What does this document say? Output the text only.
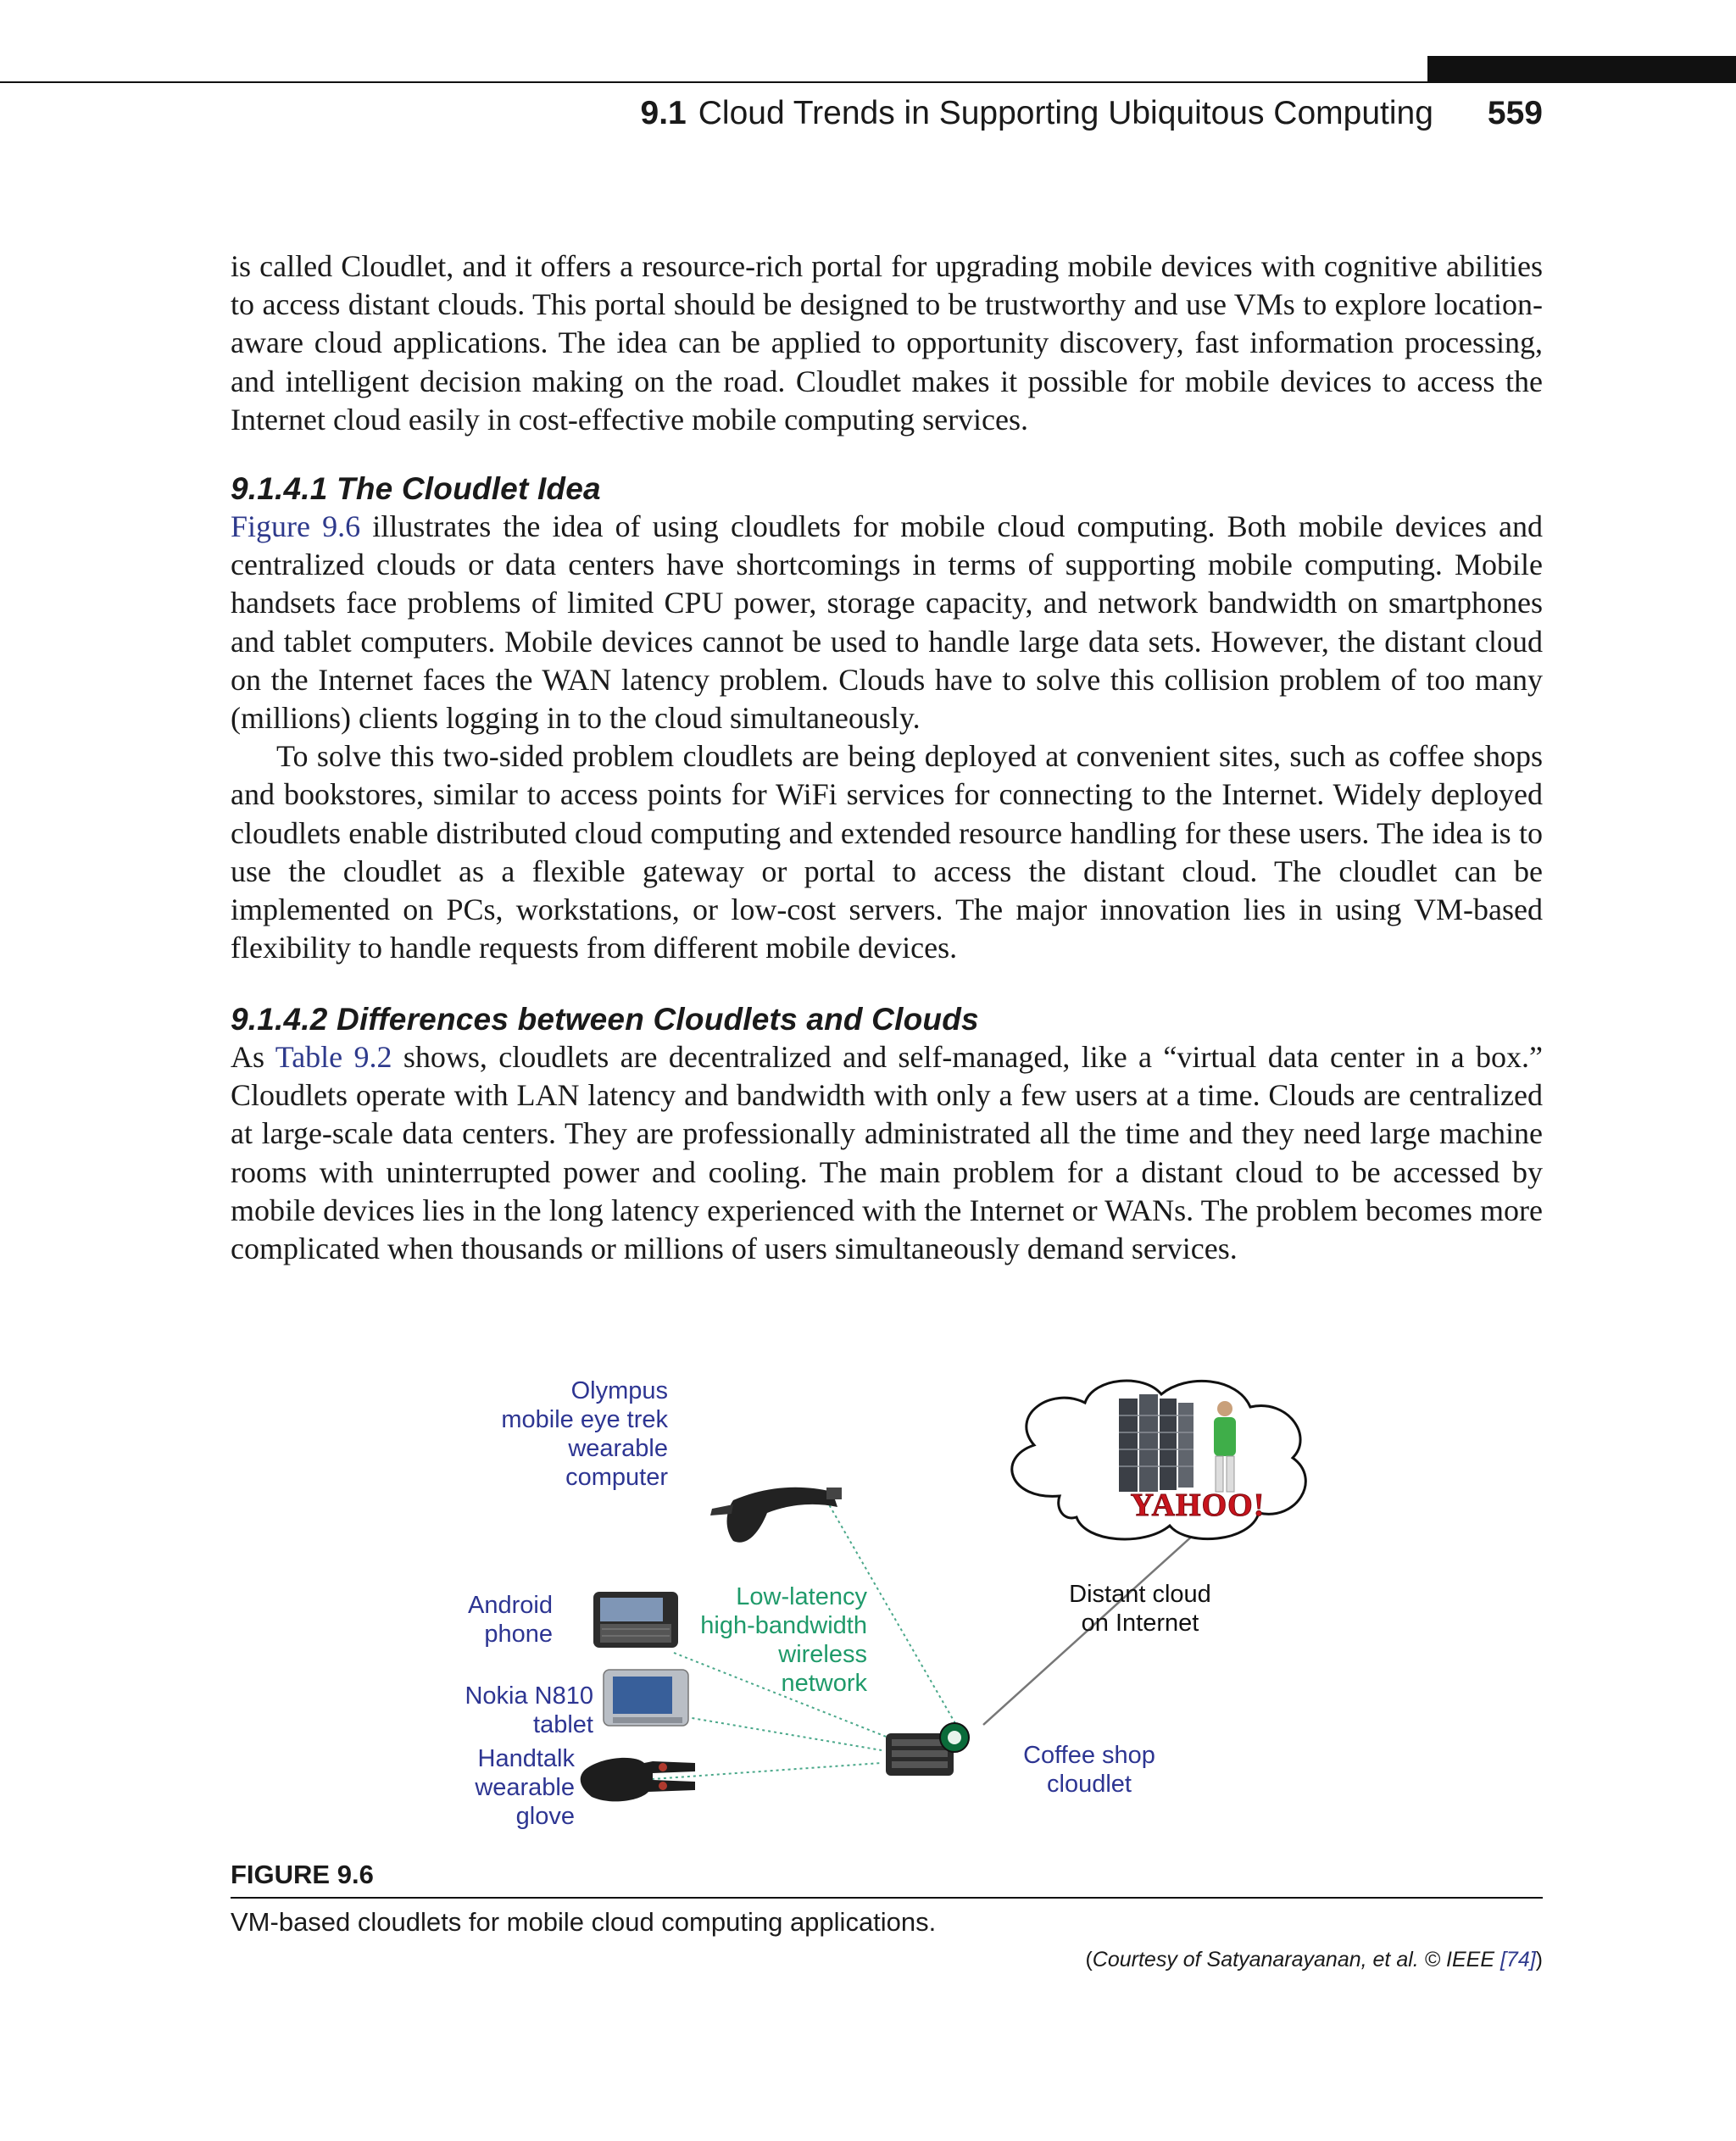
9.1 Cloud Trends in Supporting Ubiquitous Computing 559

is called Cloudlet, and it offers a resource-rich portal for upgrading mobile devices with cognitive abilities to access distant clouds. This portal should be designed to be trustworthy and use VMs to explore location-aware cloud applications. The idea can be applied to opportunity discovery, fast information processing, and intelligent decision making on the road. Cloudlet makes it possible for mobile devices to access the Internet cloud easily in cost-effective mobile computing services.

9.1.4.1 The Cloudlet Idea

Figure 9.6 illustrates the idea of using cloudlets for mobile cloud computing. Both mobile devices and centralized clouds or data centers have shortcomings in terms of supporting mobile computing. Mobile handsets face problems of limited CPU power, storage capacity, and network bandwidth on smartphones and tablet computers. Mobile devices cannot be used to handle large data sets. However, the distant cloud on the Internet faces the WAN latency problem. Clouds have to solve this collision problem of too many (millions) clients logging in to the cloud simultaneously.

To solve this two-sided problem cloudlets are being deployed at convenient sites, such as coffee shops and bookstores, similar to access points for WiFi services for connecting to the Internet. Widely deployed cloudlets enable distributed cloud computing and extended resource handling for these users. The idea is to use the cloudlet as a flexible gateway or portal to access the distant cloud. The cloudlet can be implemented on PCs, workstations, or low-cost servers. The major innovation lies in using VM-based flexibility to handle requests from different mobile devices.

9.1.4.2 Differences between Cloudlets and Clouds

As Table 9.2 shows, cloudlets are decentralized and self-managed, like a “virtual data center in a box.” Cloudlets operate with LAN latency and bandwidth with only a few users at a time. Clouds are centralized at large-scale data centers. They are professionally administrated all the time and they need large machine rooms with uninterrupted power and cooling. The main problem for a distant cloud to be accessed by mobile devices lies in the long latency experienced with the Internet or WANs. The problem becomes more complicated when thousands or millions of users simultaneously demand services.

YAHOO!
Olympus
mobile eye trek
wearable
computer
Android
phone
Nokia N810
tablet
Handtalk
wearable
glove
Low-latency
high-bandwidth
wireless
network
Distant cloud
on Internet
Coffee shop
cloudlet
FIGURE 9.6
VM-based cloudlets for mobile cloud computing applications.
(Courtesy of Satyanarayanan, et al. © IEEE [74])
